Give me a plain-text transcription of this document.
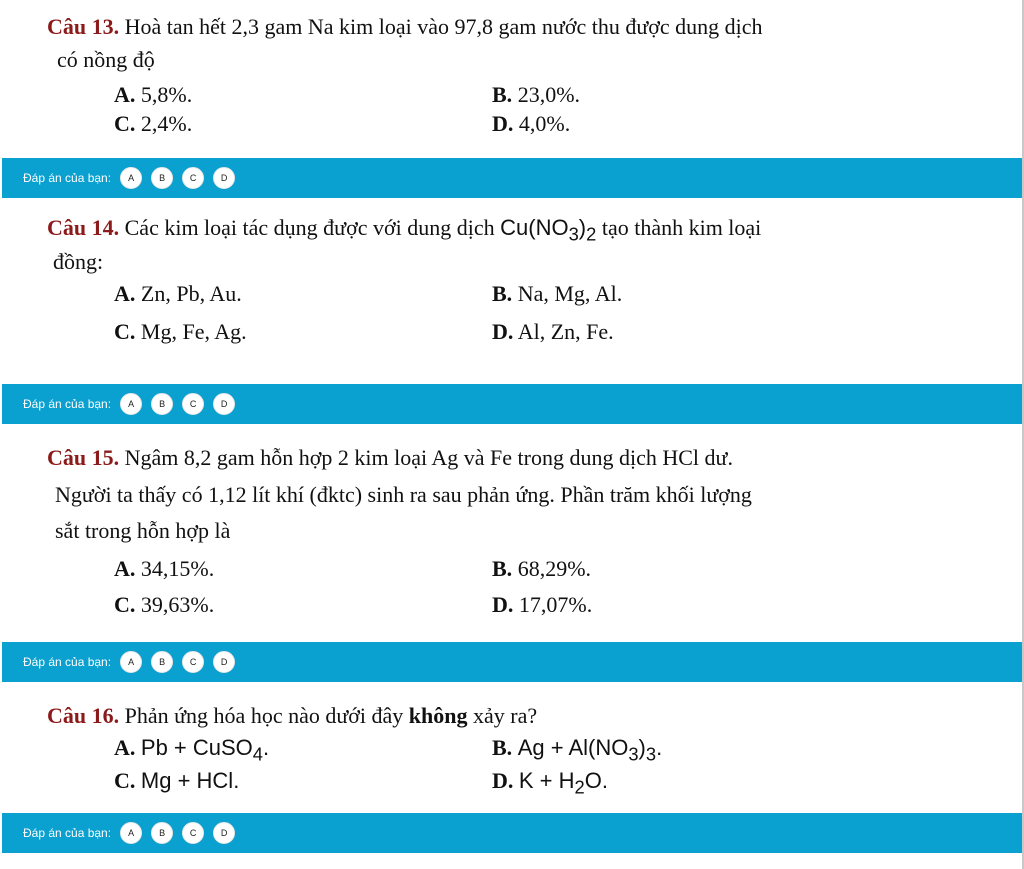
Câu 13. Hoà tan hết 2,3 gam Na kim loại vào 97,8 gam nước thu được dung dịch
có nồng độ
A. 5,8%.	B. 23,0%.
C. 2,4%.	D. 4,0%.
Đáp án của bạn:	A	B	C	D
Câu 14. Các kim loại tác dụng được với dung dịch $Cu(NO_3)_2$ tạo thành kim loại
đồng:
A. Zn, Pb, Au.	B. Na, Mg, Al.
C. Mg, Fe, Ag.	D. Al, Zn, Fe.
Đáp án của bạn:	A	B	C	D
Câu 15. Ngâm 8,2 gam hỗn hợp 2 kim loại Ag và Fe trong dung dịch HCl dư.
Người ta thấy có 1,12 lít khí (đktc) sinh ra sau phản ứng. Phần trăm khối lượng
sắt trong hỗn hợp là
A. 34,15%.	B. 68,29%.
C. 39,63%.	D. 17,07%.
Đáp án của bạn:	A	B	C	D
Câu 16. Phản ứng hóa học nào dưới đây không xảy ra?
A. Pb + CuSO$_4$.	B. $Ag + Al(NO_3)_3$.
C. Mg + HCl.	D. $K + H_2O$.
Đáp án của bạn:	A	B	C	D
